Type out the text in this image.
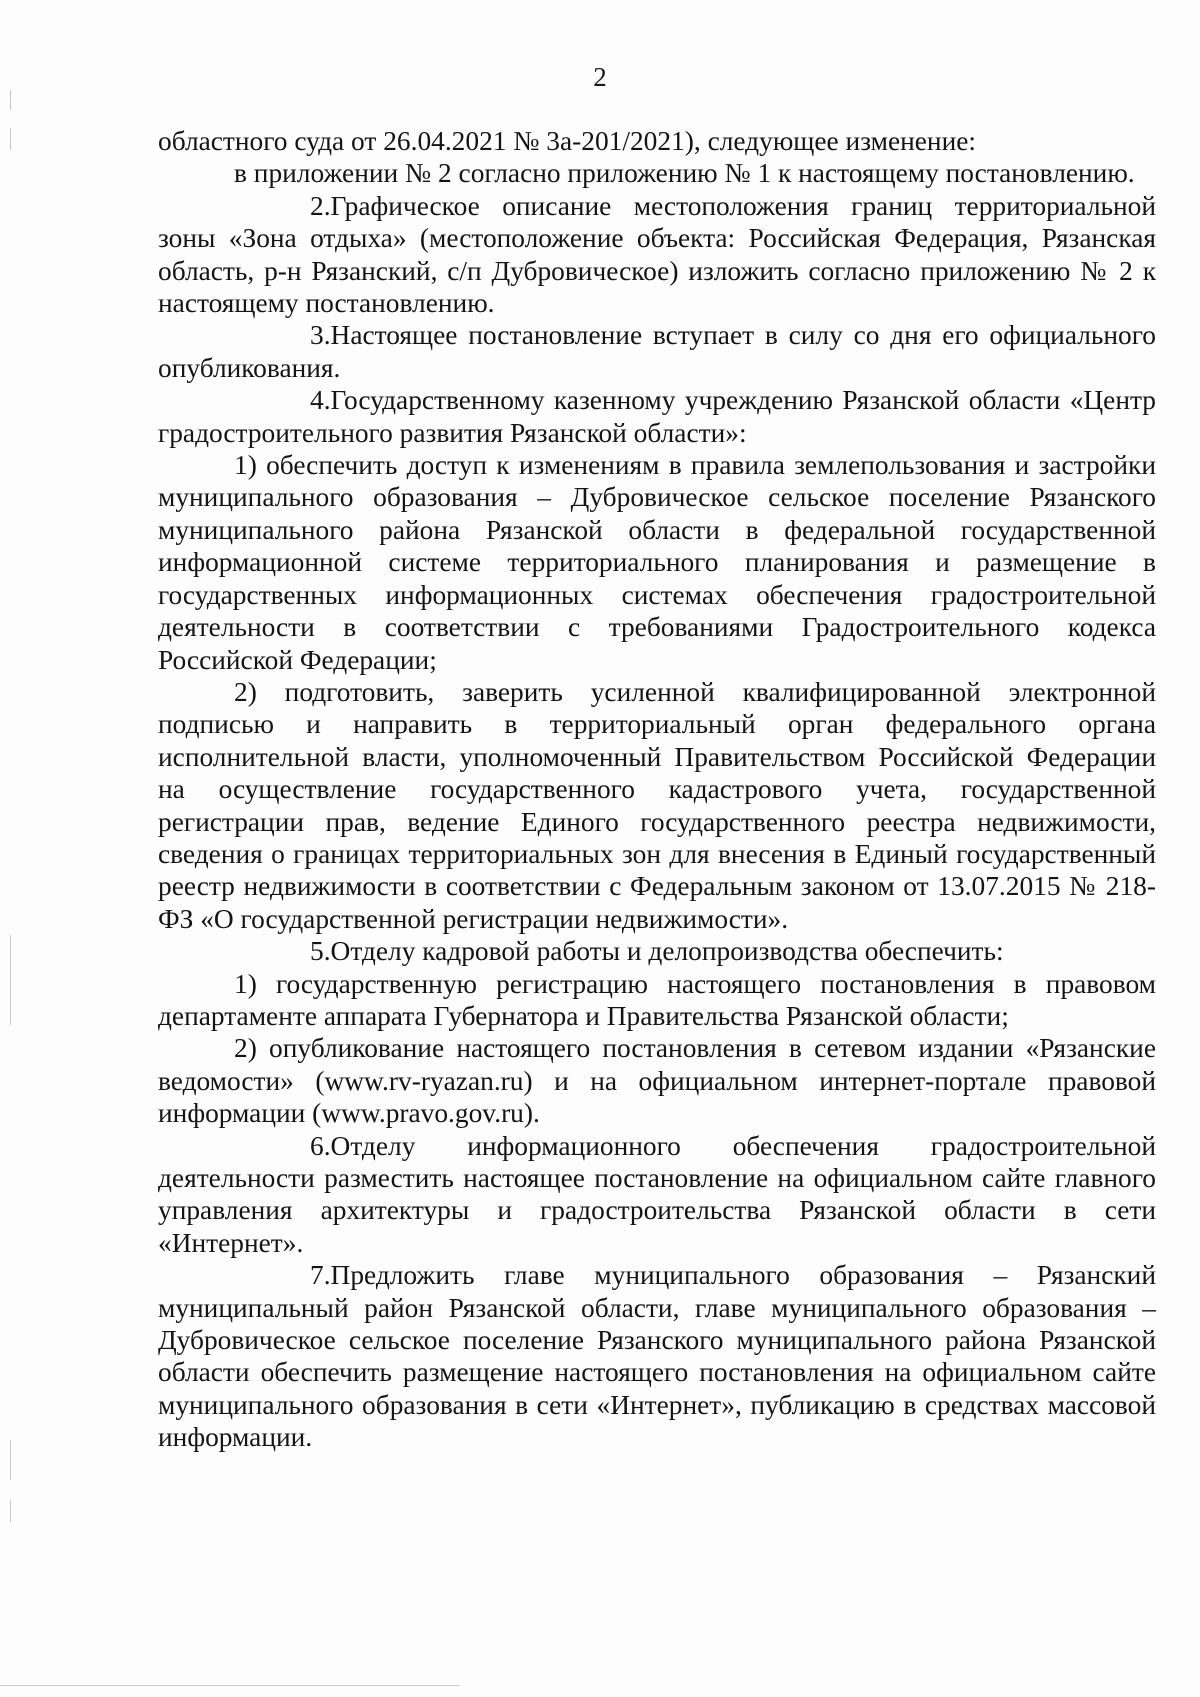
2

областного суда от 26.04.2021 № 3а-201/2021), следующее изменение:

в приложении № 2 согласно приложению № 1 к настоящему постановлению.

2.Графическое описание местоположения границ территориальной зоны «Зона отдыха» (местоположение объекта: Российская Федерация, Рязанская область, р-н Рязанский, с/п Дубровическое) изложить согласно приложению № 2 к настоящему постановлению.

3.Настоящее постановление вступает в силу со дня его официального опубликования.

4.Государственному казенному учреждению Рязанской области «Центр градостроительного развития Рязанской области»:

1) обеспечить доступ к изменениям в правила землепользования и застройки муниципального образования – Дубровическое сельское поселение Рязанского муниципального района Рязанской области в федеральной государственной информационной системе территориального планирования и размещение в государственных информационных системах обеспечения градостроительной деятельности в соответствии с требованиями Градостроительного кодекса Российской Федерации;

2) подготовить, заверить усиленной квалифицированной электронной подписью и направить в территориальный орган федерального органа исполнительной власти, уполномоченный Правительством Российской Федерации на осуществление государственного кадастрового учета, государственной регистрации прав, ведение Единого государственного реестра недвижимости, сведения о границах территориальных зон для внесения в Единый государственный реестр недвижимости в соответствии с Федеральным законом от 13.07.2015 № 218-ФЗ «О государственной регистрации недвижимости».

5.Отделу кадровой работы и делопроизводства обеспечить:

1) государственную регистрацию настоящего постановления в правовом департаменте аппарата Губернатора и Правительства Рязанской области;

2) опубликование настоящего постановления в сетевом издании «Рязанские ведомости» (www.rv-ryazan.ru) и на официальном интернет-портале правовой информации (www.pravo.gov.ru).

6.Отделу информационного обеспечения градостроительной деятельности разместить настоящее постановление на официальном сайте главного управления архитектуры и градостроительства Рязанской области в сети «Интернет».

7.Предложить главе муниципального образования – Рязанский муниципальный район Рязанской области, главе муниципального образования – Дубровическое сельское поселение Рязанского муниципального района Рязанской области обеспечить размещение настоящего постановления на официальном сайте муниципального образования в сети «Интернет», публикацию в средствах массовой информации.
